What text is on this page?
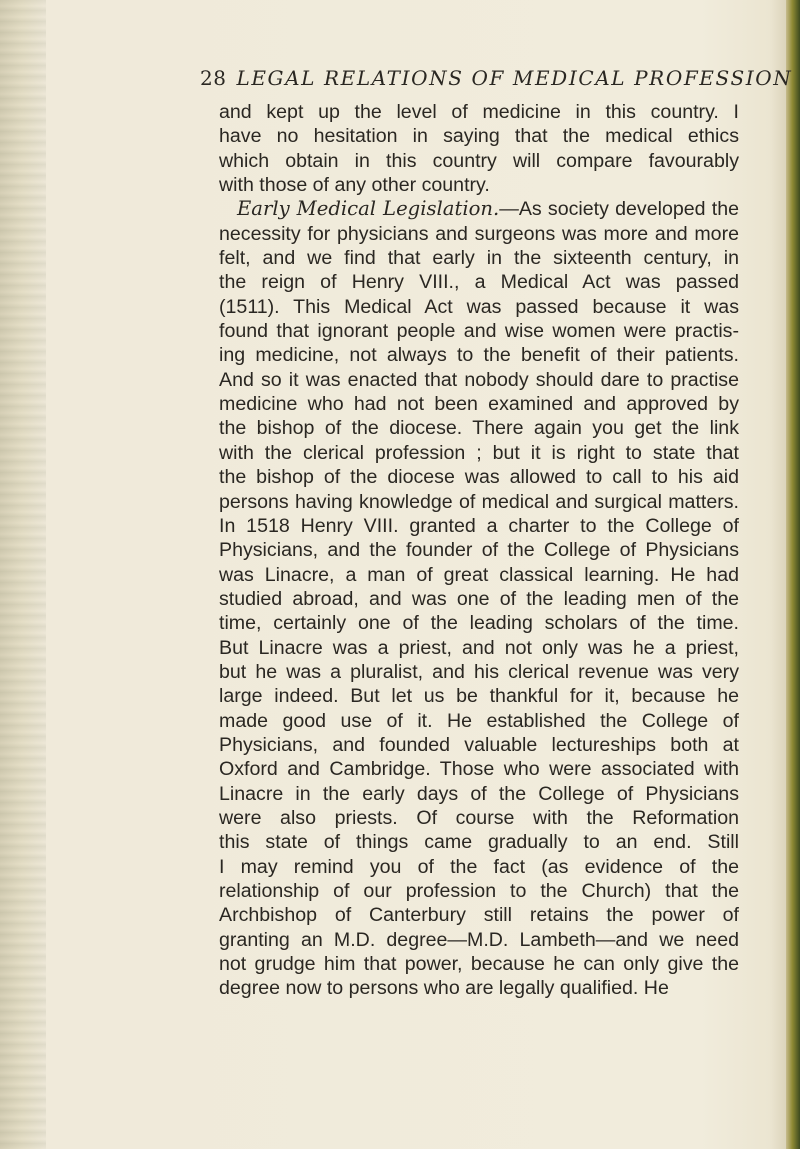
28 LEGAL RELATIONS OF MEDICAL PROFESSION
and kept up the level of medicine in this country. I
have no hesitation in saying that the medical ethics
which obtain in this country will compare favourably
with those of any other country.
Early Medical Legislation.—As society developed the
necessity for physicians and surgeons was more and more
felt, and we find that early in the sixteenth century, in
the reign of Henry VIII., a Medical Act was passed
(1511). This Medical Act was passed because it was
found that ignorant people and wise women were practis-
ing medicine, not always to the benefit of their patients.
And so it was enacted that nobody should dare to practise
medicine who had not been examined and approved by
the bishop of the diocese. There again you get the link
with the clerical profession ; but it is right to state that
the bishop of the diocese was allowed to call to his aid
persons having knowledge of medical and surgical matters.
In 1518 Henry VIII. granted a charter to the College of
Physicians, and the founder of the College of Physicians
was Linacre, a man of great classical learning. He had
studied abroad, and was one of the leading men of the
time, certainly one of the leading scholars of the time.
But Linacre was a priest, and not only was he a priest,
but he was a pluralist, and his clerical revenue was very
large indeed. But let us be thankful for it, because he
made good use of it. He established the College of
Physicians, and founded valuable lectureships both at
Oxford and Cambridge. Those who were associated with
Linacre in the early days of the College of Physicians
were also priests. Of course with the Reformation
this state of things came gradually to an end. Still
I may remind you of the fact (as evidence of the
relationship of our profession to the Church) that the
Archbishop of Canterbury still retains the power of
granting an M.D. degree—M.D. Lambeth—and we need
not grudge him that power, because he can only give the
degree now to persons who are legally qualified. He
